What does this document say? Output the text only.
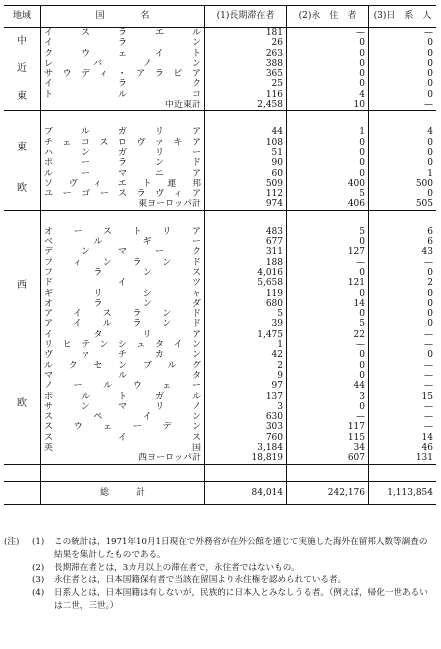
地域	国　　　　名	(1)長期滞在者	(2)永　住　者	(3)日　系　人

中
近
東	イスラエル	181	—	—

	イラン	26	0	0

	クウェイト	263	0	0

	レバノン	388	0	0

	サウディ・アラビア	365	0	0

	イラク	25	0	0

	トルコ	116	4	0

	中近東計	2,458	10	—

東
欧	ブルガリア	44	1	4

	チェコスロヴァキア	108	0	0

	ハンガリー	51	0	0

	ポーランド	90	0	0

	ルーマニア	60	0	1

	ソヴィエト連邦	509	400	500

	ユーゴースラヴィア	112	5	0

	東ヨーロッパ計	974	406	505

西
欧	オーストリア	483	5	6

	ベルギー	677	0	6

	デンマーク	311	127	43

	フィンランド	188	—	—

	フランス	4,016	0	0

	ドイツ	5,658	121	2

	ギリシャ	119	0	0

	オランダ	680	14	0

	アイスランド	5	0	0

	アイルランド	39	5	0

	イタリア	1,475	22	—

	リヒテンシュタイン	1	—	—

	ヴァチカン	42	0	0

	ルクセンブルグ	2	0	—

	マルタ	9	0	—

	ノールウェー	97	44	—

	ポルトガル	137	3	15

	サンマリノ	3	0	—

	スペイン	630	—	—

	スウェーデン	303	117	—

	スイス	760	115	14

	英国	3,184	34	46

	西ヨーロッパ計	18,819	607	131

	総　　　計	84,014	242,176	1,113,854
(注)	(1)	この統計は，1971年10月1日現在で外務省が在外公館を通じて実施した海外在留邦人数等調査の結果を集計したものである。
(2)	長期滞在者とは，3カ月以上の滞在者で，永住者ではないもの。
(3)	永住者とは，日本国籍保有者で当該在留国より永住権を認められている者。
(4)	日系人とは，日本国籍は有しないが，民族的に日本人とみなしうる者。（例えば，帰化一世あるいは二世，三世。）
